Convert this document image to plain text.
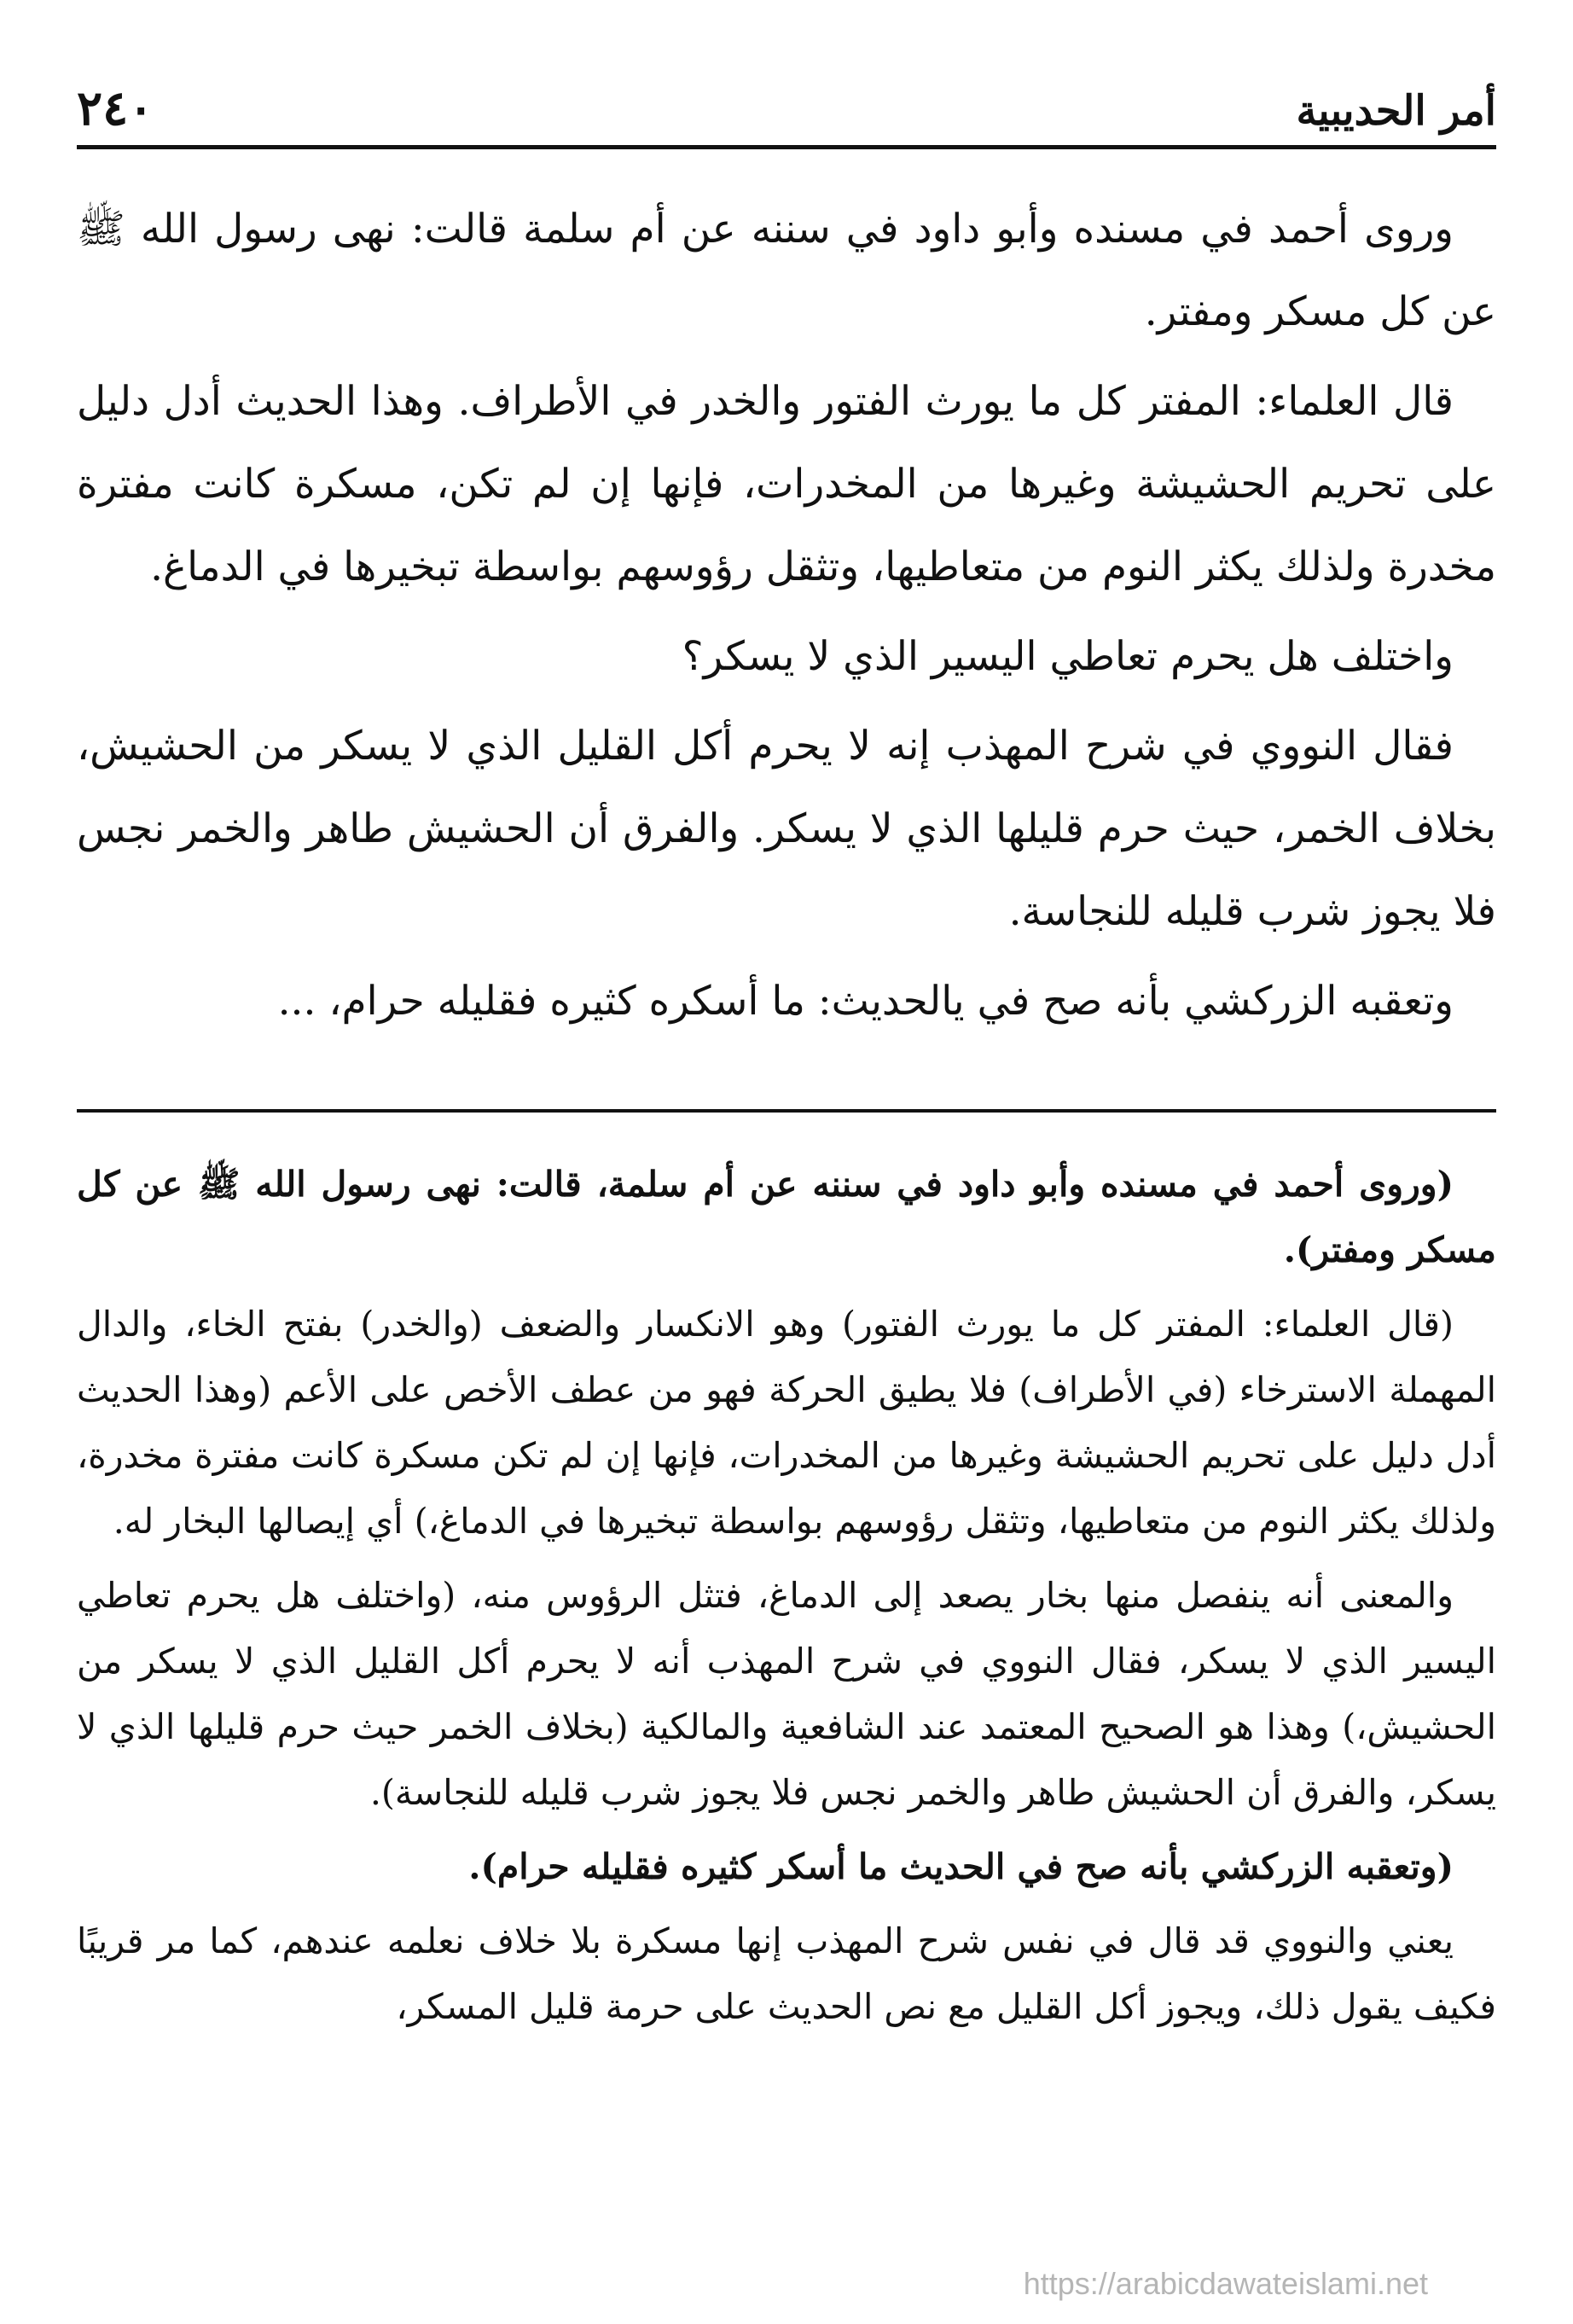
أمر الحديبية
٢٤٠

وروى أحمد في مسنده وأبو داود في سننه عن أم سلمة قالت: نهى رسول الله ﷺ عن كل مسكر ومفتر.

قال العلماء: المفتر كل ما يورث الفتور والخدر في الأطراف. وهذا الحديث أدل دليل على تحريم الحشيشة وغيرها من المخدرات، فإنها إن لم تكن، مسكرة كانت مفترة مخدرة ولذلك يكثر النوم من متعاطيها، وتثقل رؤوسهم بواسطة تبخيرها في الدماغ.

واختلف هل يحرم تعاطي اليسير الذي لا يسكر؟

فقال النووي في شرح المهذب إنه لا يحرم أكل القليل الذي لا يسكر من الحشيش، بخلاف الخمر، حيث حرم قليلها الذي لا يسكر. والفرق أن الحشيش طاهر والخمر نجس فلا يجوز شرب قليله للنجاسة.

وتعقبه الزركشي بأنه صح في يالحديث: ما أسكره كثيره فقليله حرام، ...

(وروى أحمد في مسنده وأبو داود في سننه عن أم سلمة، قالت: نهى رسول الله ﷺ عن كل مسكر ومفتر).

(قال العلماء: المفتر كل ما يورث الفتور) وهو الانكسار والضعف (والخدر) بفتح الخاء، والدال المهملة الاسترخاء (في الأطراف) فلا يطيق الحركة فهو من عطف الأخص على الأعم (وهذا الحديث أدل دليل على تحريم الحشيشة وغيرها من المخدرات، فإنها إن لم تكن مسكرة كانت مفترة مخدرة، ولذلك يكثر النوم من متعاطيها، وتثقل رؤوسهم بواسطة تبخيرها في الدماغ،) أي إيصالها البخار له.

والمعنى أنه ينفصل منها بخار يصعد إلى الدماغ، فتثل الرؤوس منه، (واختلف هل يحرم تعاطي اليسير الذي لا يسكر، فقال النووي في شرح المهذب أنه لا يحرم أكل القليل الذي لا يسكر من الحشيش،) وهذا هو الصحيح المعتمد عند الشافعية والمالكية (بخلاف الخمر حيث حرم قليلها الذي لا يسكر، والفرق أن الحشيش طاهر والخمر نجس فلا يجوز شرب قليله للنجاسة).

(وتعقبه الزركشي بأنه صح في الحديث ما أسكر كثيره فقليله حرام).

يعني والنووي قد قال في نفس شرح المهذب إنها مسكرة بلا خلاف نعلمه عندهم، كما مر قريبًا فكيف يقول ذلك، ويجوز أكل القليل مع نص الحديث على حرمة قليل المسكر،

https://arabicdawateislami.net
